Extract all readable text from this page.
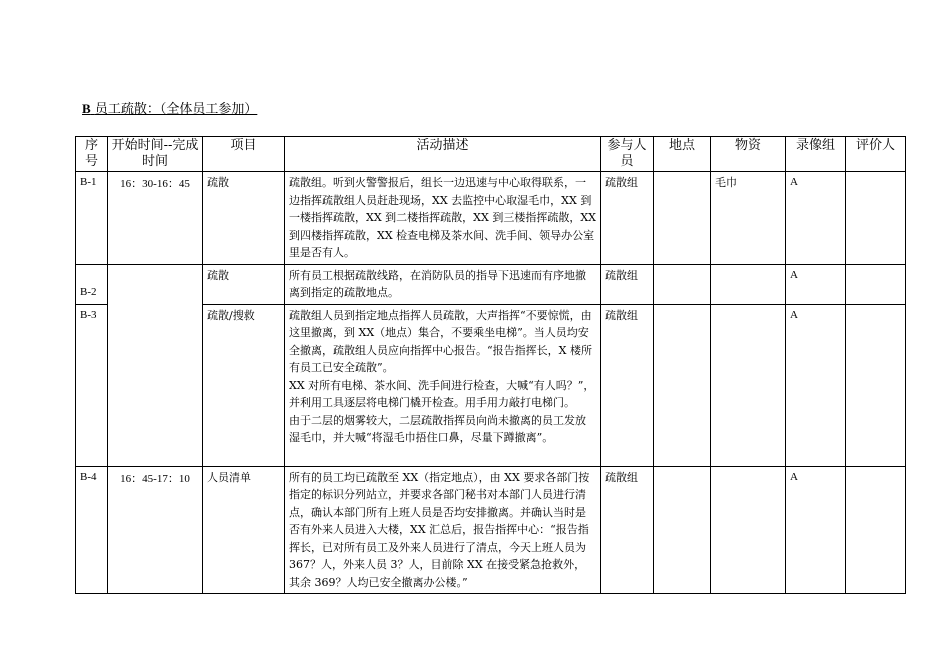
B 员工疏散：（全体员工参加）
序号	开始时间--完成时间	项目	活动描述	参与人员	地点	物资	录像组	评价人
B-1	16：30-16：45	疏散	疏散组。听到火警警报后，组长一边迅速与中心取得联系，一边指挥疏散组人员赶赴现场，XX 去监控中心取湿毛巾，XX 到一楼指挥疏散，XX 到二楼指挥疏散，XX 到三楼指挥疏散，XX 到四楼指挥疏散，XX 检查电梯及茶水间、洗手间、领导办公室里是否有人。	疏散组		毛巾	A	
B-2		疏散	所有员工根据疏散线路，在消防队员的指导下迅速而有序地撤离到指定的疏散地点。	疏散组			A	
B-3		疏散/搜救	疏散组人员到指定地点指挥人员疏散，大声指挥“不要惊慌，由这里撤离，到 XX（地点）集合，不要乘坐电梯”。当人员均安全撤离，疏散组人员应向指挥中心报告。“报告指挥长，X 楼所有员工已安全疏散”。

XX 对所有电梯、茶水间、洗手间进行检查，大喊“有人吗？”，并利用工具逐层将电梯门橇开检查。用手用力敲打电梯门。

由于二层的烟雾较大，二层疏散指挥员向尚未撤离的员工发放湿毛巾，并大喊“将湿毛巾捂住口鼻，尽量下蹲撤离”。	疏散组			A	
B-4	16：45-17：10	人员清单	所有的员工均已疏散至 XX（指定地点），由 XX 要求各部门按指定的标识分列站立，并要求各部门秘书对本部门人员进行清点，确认本部门所有上班人员是否均安排撤离。并确认当时是否有外来人员进入大楼，XX 汇总后，报告指挥中心：“报告指挥长，已对所有员工及外来人员进行了清点，今天上班人员为 367？人，外来人员 3？人，目前除 XX 在接受紧急抢救外，其余 369？人均已安全撤离办公楼。”	疏散组			A	
